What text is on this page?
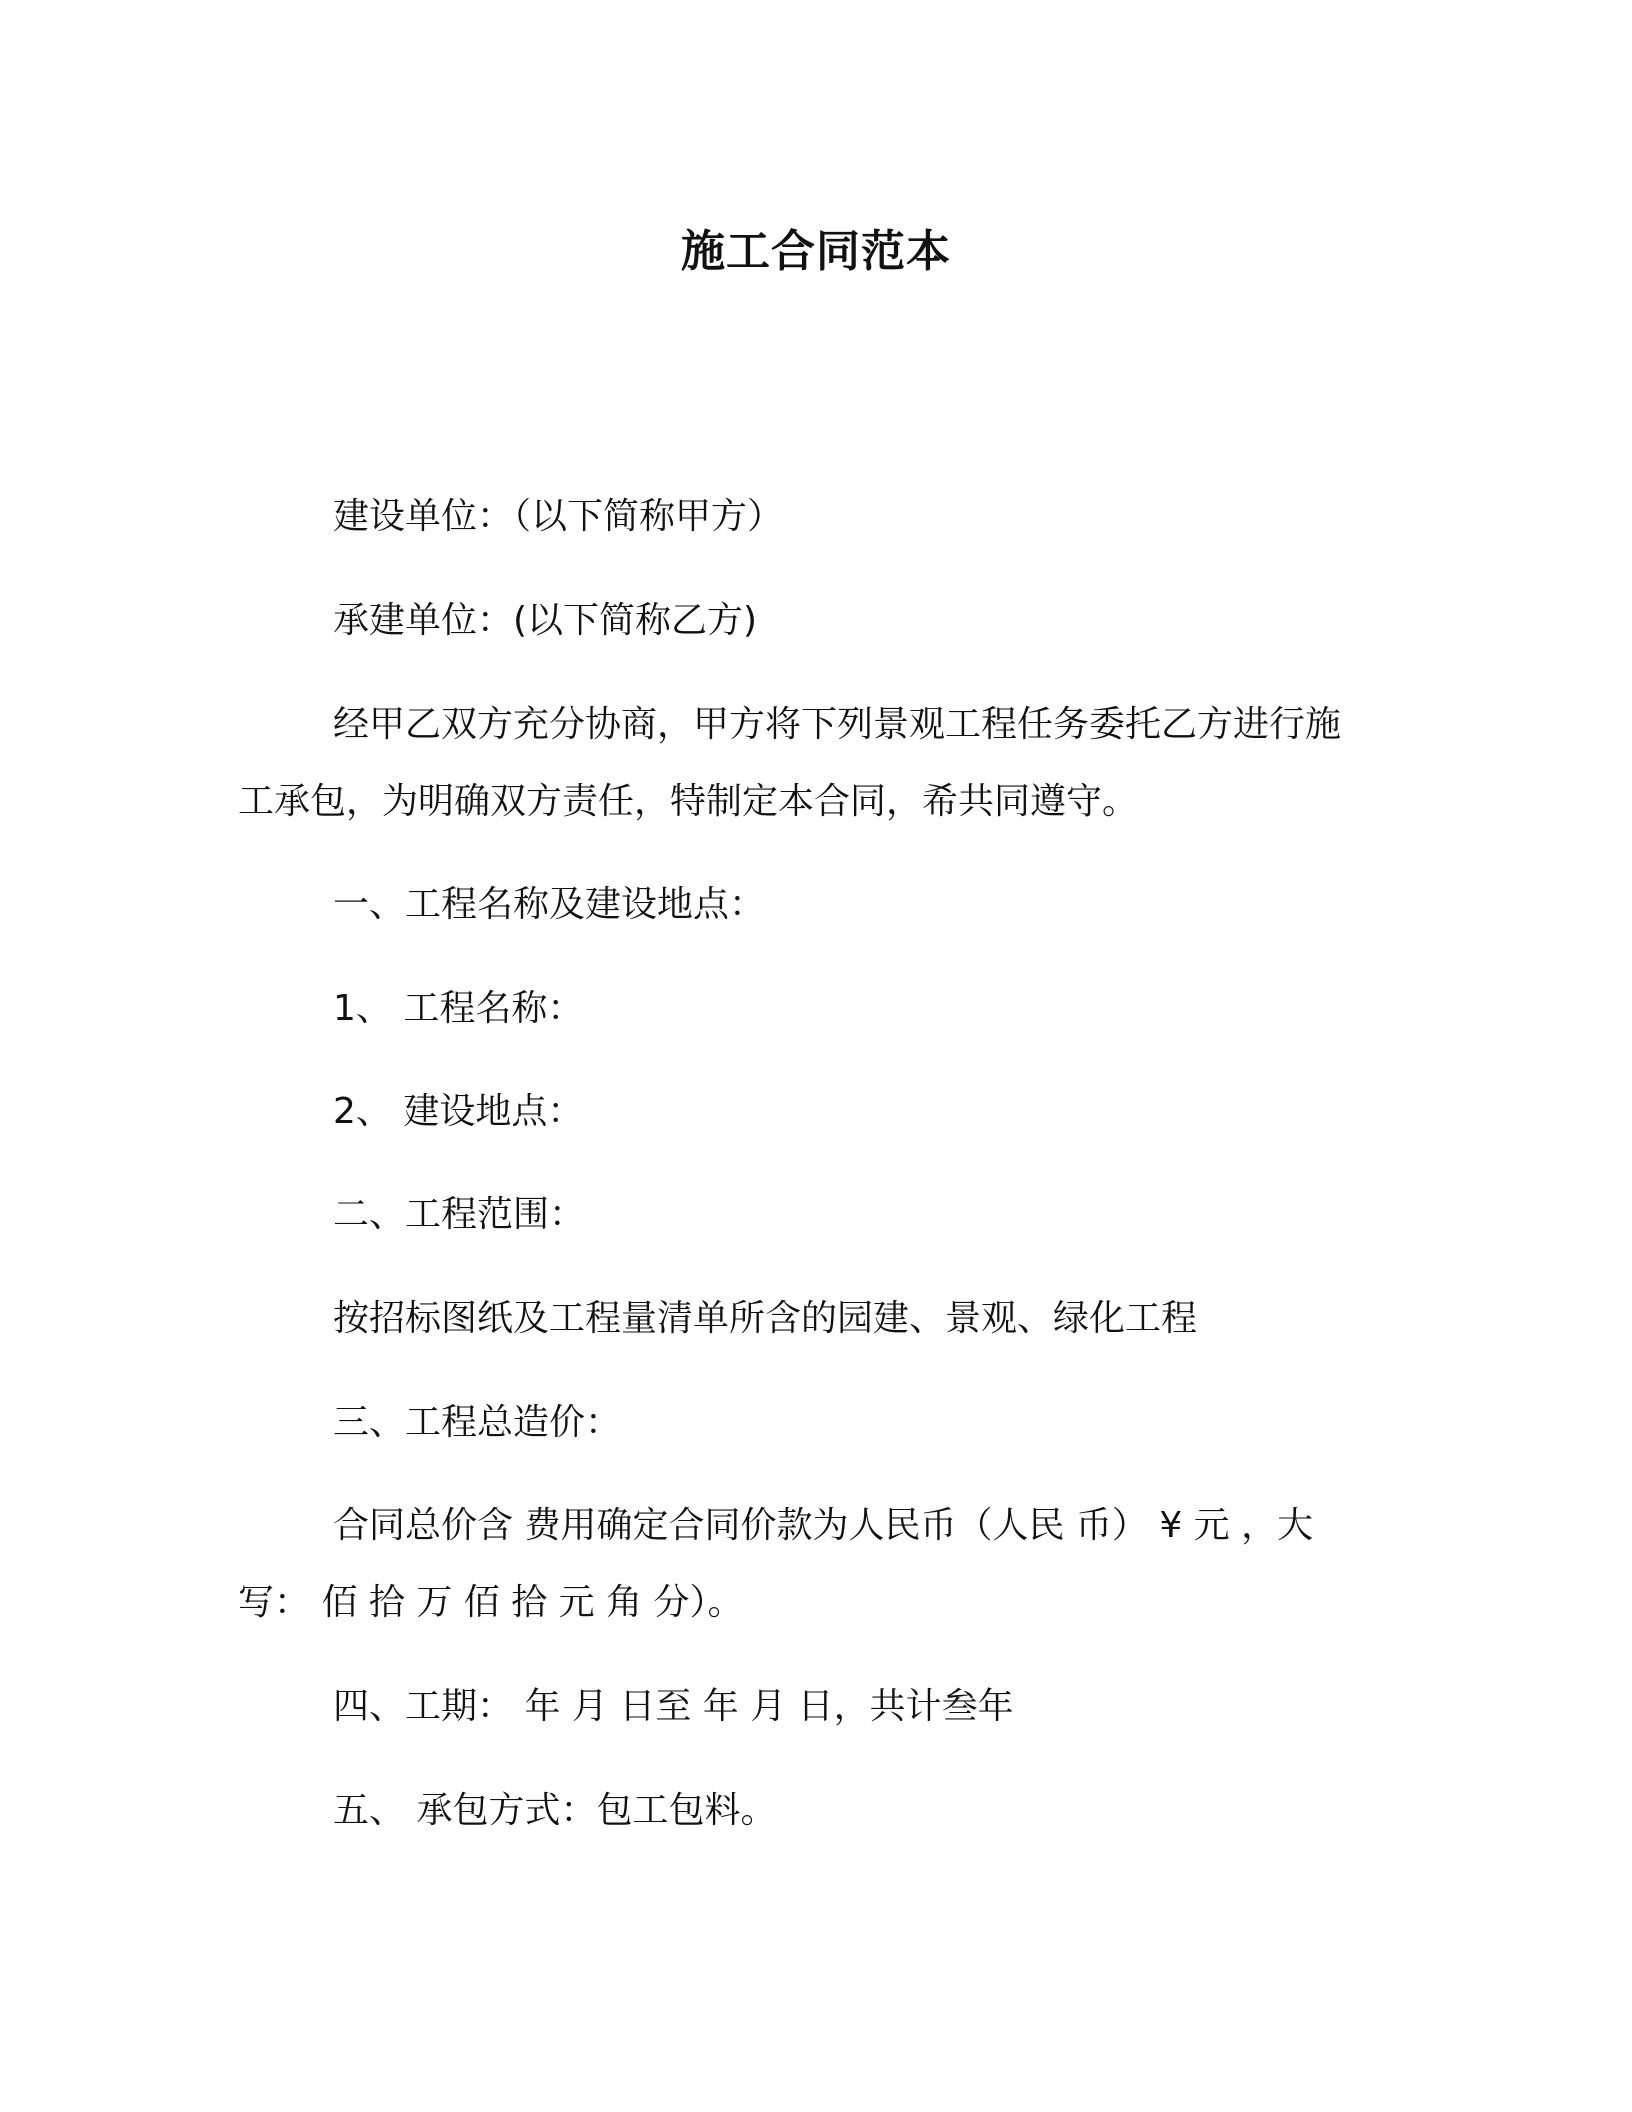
施工合同范本

建设单位：（以下简称甲方）

承建单位：(以下简称乙方)

经甲乙双方充分协商，甲方将下列景观工程任务委托乙方进行施

工承包，为明确双方责任，特制定本合同，希共同遵守。

一、工程名称及建设地点：

1、 工程名称：

2、 建设地点：

二、工程范围：

按招标图纸及工程量清单所含的园建、景观、绿化工程

三、工程总造价：

合同总价含 费用确定合同价款为人民币（人民 币） ¥ 元 ，大

写： 佰 拾 万 佰 拾 元 角 分）。

四、工期： 年 月 日至 年 月 日，共计叁年

五、 承包方式：包工包料。
